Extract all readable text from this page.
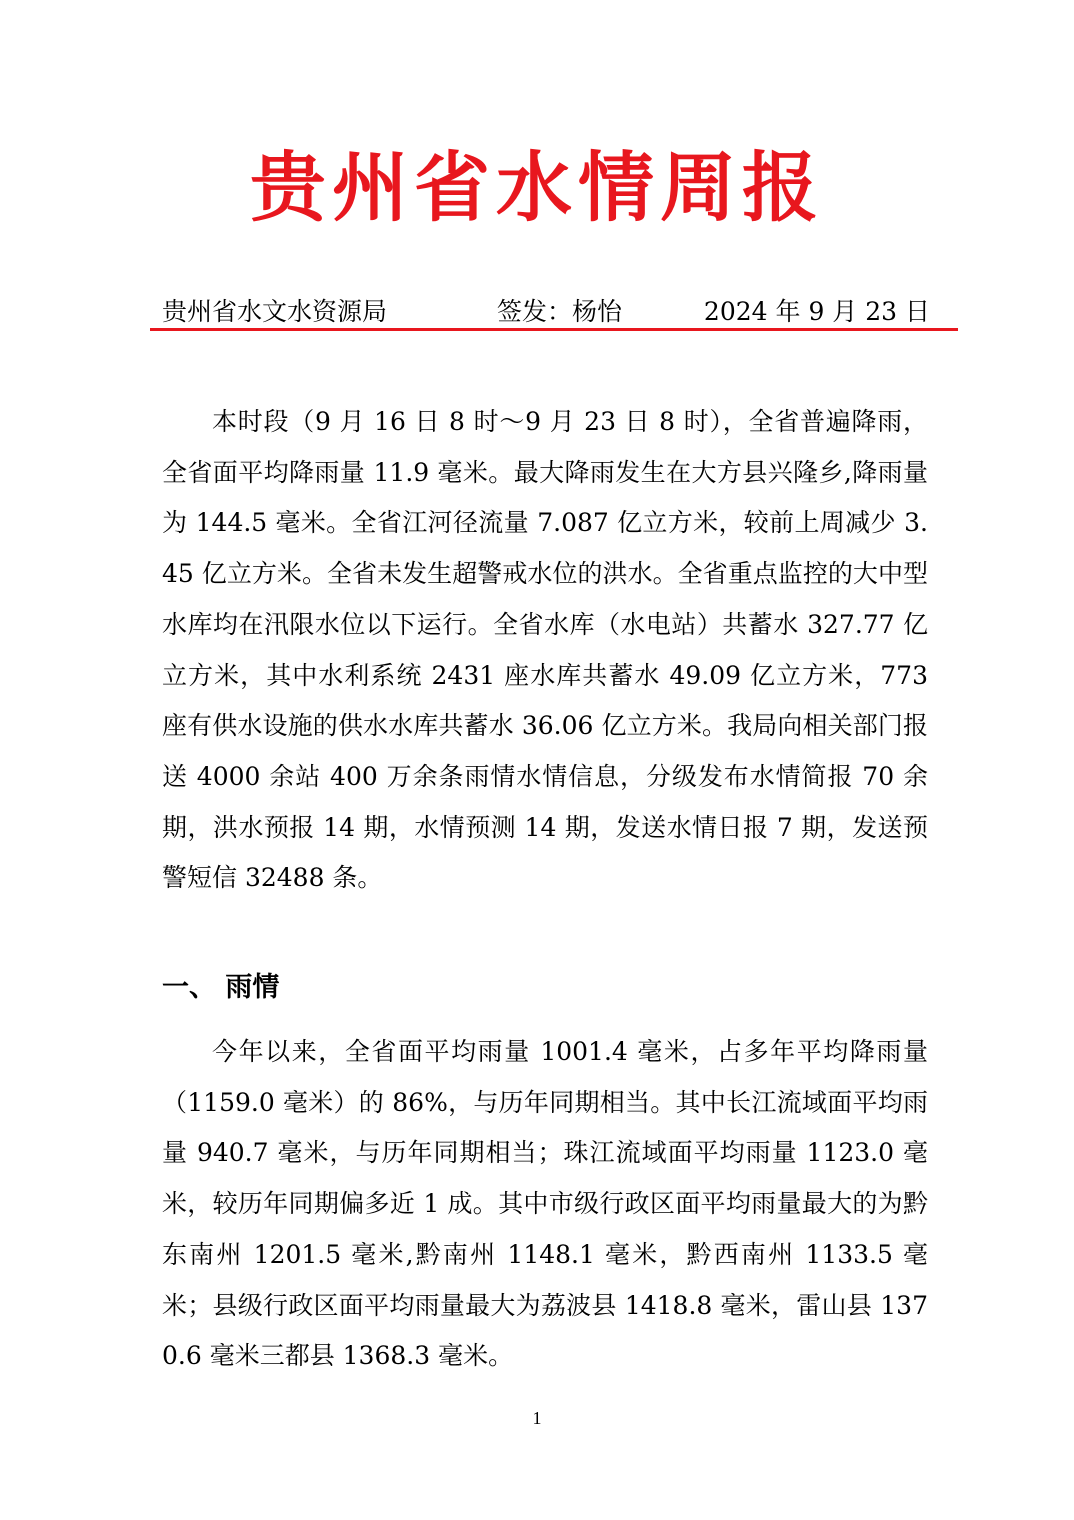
贵州省水情周报
贵州省水文水资源局	签发：杨怡	2024 年 9 月 23 日

本时段（9 月 16 日 8 时～9 月 23 日 8 时），全省普遍降雨，全省面平均降雨量 11.9 毫米。最大降雨发生在大方县兴隆乡,降雨量为 144.5 毫米。全省江河径流量 7.087 亿立方米，较前上周减少 3.45 亿立方米。全省未发生超警戒水位的洪水。全省重点监控的大中型水库均在汛限水位以下运行。全省水库（水电站）共蓄水 327.77 亿立方米，其中水利系统 2431 座水库共蓄水 49.09 亿立方米，773 座有供水设施的供水水库共蓄水 36.06 亿立方米。我局向相关部门报送 4000 余站 400 万余条雨情水情信息，分级发布水情简报 70 余期，洪水预报 14 期，水情预测 14 期，发送水情日报 7 期，发送预警短信 32488 条。

一、 雨情

今年以来，全省面平均雨量 1001.4 毫米，占多年平均降雨量（1159.0 毫米）的 86%，与历年同期相当。其中长江流域面平均雨量 940.7 毫米，与历年同期相当；珠江流域面平均雨量 1123.0 毫米，较历年同期偏多近 1 成。其中市级行政区面平均雨量最大的为黔东南州 1201.5 毫米,黔南州 1148.1 毫米，黔西南州 1133.5 毫米；县级行政区面平均雨量最大为荔波县 1418.8 毫米，雷山县 1370.6 毫米三都县 1368.3 毫米。

1
